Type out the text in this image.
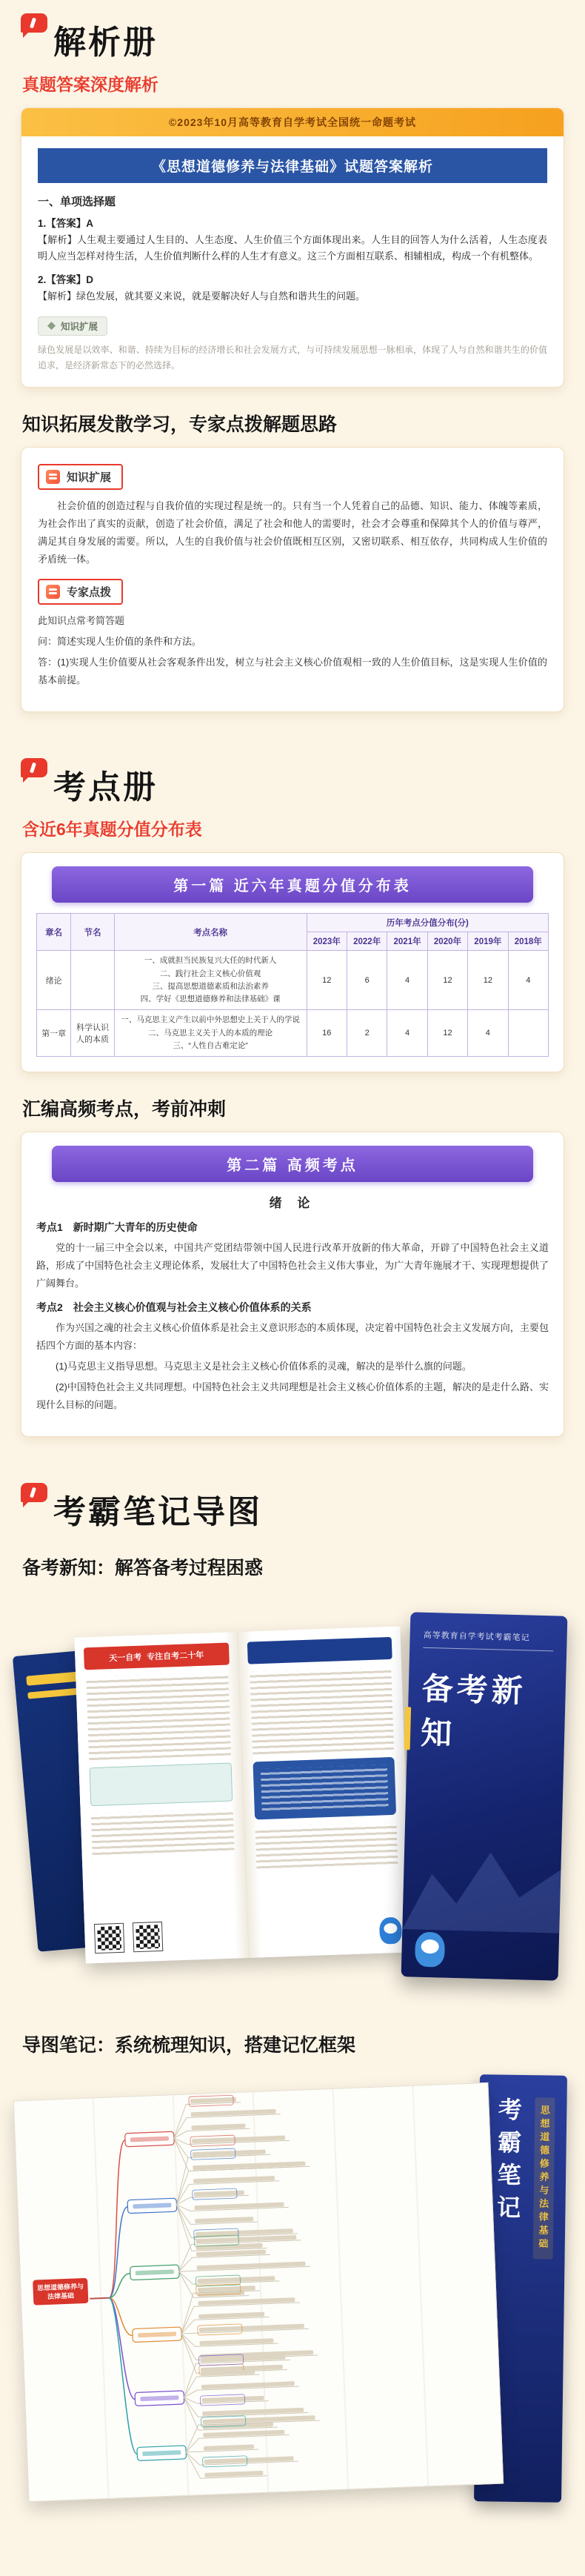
解析册
真题答案深度解析
©2023年10月高等教育自学考试全国统一命题考试
《思想道德修养与法律基础》试题答案解析
一、单项选择题
1.【答案】A

【解析】人生观主要通过人生目的、人生态度、人生价值三个方面体现出来。人生目的回答人为什么活着，人生态度表明人应当怎样对待生活，人生价值判断什么样的人生才有意义。这三个方面相互联系、相辅相成，构成一个有机整体。

2.【答案】D

【解析】绿色发展，就其要义来说，就是要解决好人与自然和谐共生的问题。

知识扩展

绿色发展是以效率、和谐、持续为目标的经济增长和社会发展方式，与可持续发展思想一脉相承，体现了人与自然和谐共生的价值追求，是经济新常态下的必然选择。

知识拓展发散学习，专家点拨解题思路
知识扩展

社会价值的创造过程与自我价值的实现过程是统一的。只有当一个人凭着自己的品德、知识、能力、体魄等素质，为社会作出了真实的贡献，创造了社会价值，满足了社会和他人的需要时，社会才会尊重和保障其个人的价值与尊严，满足其自身发展的需要。所以，人生的自我价值与社会价值既相互区别，又密切联系、相互依存，共同构成人生价值的矛盾统一体。

专家点拨

此知识点常考简答题

问：简述实现人生价值的条件和方法。

答：(1)实现人生价值要从社会客观条件出发，树立与社会主义核心价值观相一致的人生价值目标，这是实现人生价值的基本前提。

考点册
含近6年真题分值分布表
第一篇 近六年真题分值分布表
章名	节名	考点名称	历年考点分值分布(分)					
			2023年	2022年	2021年	2020年	2019年	2018年
绪论		一、成就担当民族复兴大任的时代新人
二、践行社会主义核心价值观
三、提高思想道德素质和法治素养
四、学好《思想道德修养和法律基础》课	12	6	4	12	12	4
第一章	科学认识人的本质	一、马克思主义产生以前中外思想史上关于人的学说
二、马克思主义关于人的本质的理论
三、“人性自古难定论”	16	2	4	12	4	
汇编高频考点，考前冲刺
第二篇 高频考点
绪 论
考点1 新时期广大青年的历史使命

党的十一届三中全会以来，中国共产党团结带领中国人民进行改革开放新的伟大革命，开辟了中国特色社会主义道路，形成了中国特色社会主义理论体系，发展壮大了中国特色社会主义伟大事业，为广大青年施展才干、实现理想提供了广阔舞台。

考点2 社会主义核心价值观与社会主义核心价值体系的关系

作为兴国之魂的社会主义核心价值体系是社会主义意识形态的本质体现，决定着中国特色社会主义发展方向，主要包括四个方面的基本内容：

(1)马克思主义指导思想。马克思主义是社会主义核心价值体系的灵魂，解决的是举什么旗的问题。

(2)中国特色社会主义共同理想。中国特色社会主义共同理想是社会主义核心价值体系的主题，解决的是走什么路、实现什么目标的问题。

考霸笔记导图
备考新知：解答备考过程困惑
天一自考 专注自考二十年
高等教育自学考试考霸笔记
备考新知
导图笔记：系统梳理知识，搭建记忆框架
考霸笔记	思想道德修养与法律基础
思想道德修养与法律基础
